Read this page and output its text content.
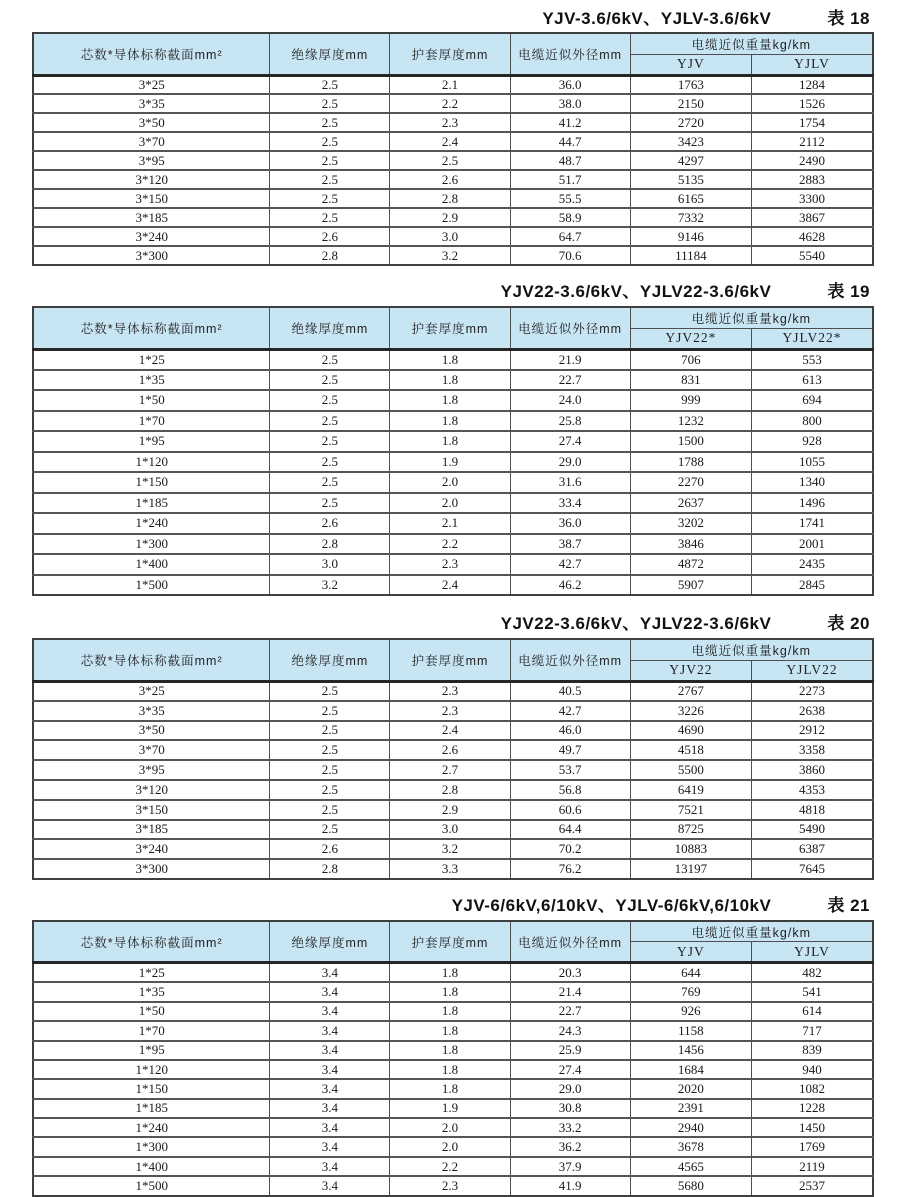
YJV-3.6/6kV、YJLV-3.6/6kV	表 18
芯数*导体标称截面mm²	绝缘厚度mm	护套厚度mm	电缆近似外径mm	电缆近似重量kg/km	
				YJV	YJLV
3*25	2.5	2.1	36.0	1763	1284
3*35	2.5	2.2	38.0	2150	1526
3*50	2.5	2.3	41.2	2720	1754
3*70	2.5	2.4	44.7	3423	2112
3*95	2.5	2.5	48.7	4297	2490
3*120	2.5	2.6	51.7	5135	2883
3*150	2.5	2.8	55.5	6165	3300
3*185	2.5	2.9	58.9	7332	3867
3*240	2.6	3.0	64.7	9146	4628
3*300	2.8	3.2	70.6	11184	5540
YJV22-3.6/6kV、YJLV22-3.6/6kV	表 19
芯数*导体标称截面mm²	绝缘厚度mm	护套厚度mm	电缆近似外径mm	电缆近似重量kg/km	
				YJV22*	YJLV22*
1*25	2.5	1.8	21.9	706	553
1*35	2.5	1.8	22.7	831	613
1*50	2.5	1.8	24.0	999	694
1*70	2.5	1.8	25.8	1232	800
1*95	2.5	1.8	27.4	1500	928
1*120	2.5	1.9	29.0	1788	1055
1*150	2.5	2.0	31.6	2270	1340
1*185	2.5	2.0	33.4	2637	1496
1*240	2.6	2.1	36.0	3202	1741
1*300	2.8	2.2	38.7	3846	2001
1*400	3.0	2.3	42.7	4872	2435
1*500	3.2	2.4	46.2	5907	2845
YJV22-3.6/6kV、YJLV22-3.6/6kV	表 20
芯数*导体标称截面mm²	绝缘厚度mm	护套厚度mm	电缆近似外径mm	电缆近似重量kg/km	
				YJV22	YJLV22
3*25	2.5	2.3	40.5	2767	2273
3*35	2.5	2.3	42.7	3226	2638
3*50	2.5	2.4	46.0	4690	2912
3*70	2.5	2.6	49.7	4518	3358
3*95	2.5	2.7	53.7	5500	3860
3*120	2.5	2.8	56.8	6419	4353
3*150	2.5	2.9	60.6	7521	4818
3*185	2.5	3.0	64.4	8725	5490
3*240	2.6	3.2	70.2	10883	6387
3*300	2.8	3.3	76.2	13197	7645
YJV-6/6kV,6/10kV、YJLV-6/6kV,6/10kV	表 21
芯数*导体标称截面mm²	绝缘厚度mm	护套厚度mm	电缆近似外径mm	电缆近似重量kg/km	
				YJV	YJLV
1*25	3.4	1.8	20.3	644	482
1*35	3.4	1.8	21.4	769	541
1*50	3.4	1.8	22.7	926	614
1*70	3.4	1.8	24.3	1158	717
1*95	3.4	1.8	25.9	1456	839
1*120	3.4	1.8	27.4	1684	940
1*150	3.4	1.8	29.0	2020	1082
1*185	3.4	1.9	30.8	2391	1228
1*240	3.4	2.0	33.2	2940	1450
1*300	3.4	2.0	36.2	3678	1769
1*400	3.4	2.2	37.9	4565	2119
1*500	3.4	2.3	41.9	5680	2537
